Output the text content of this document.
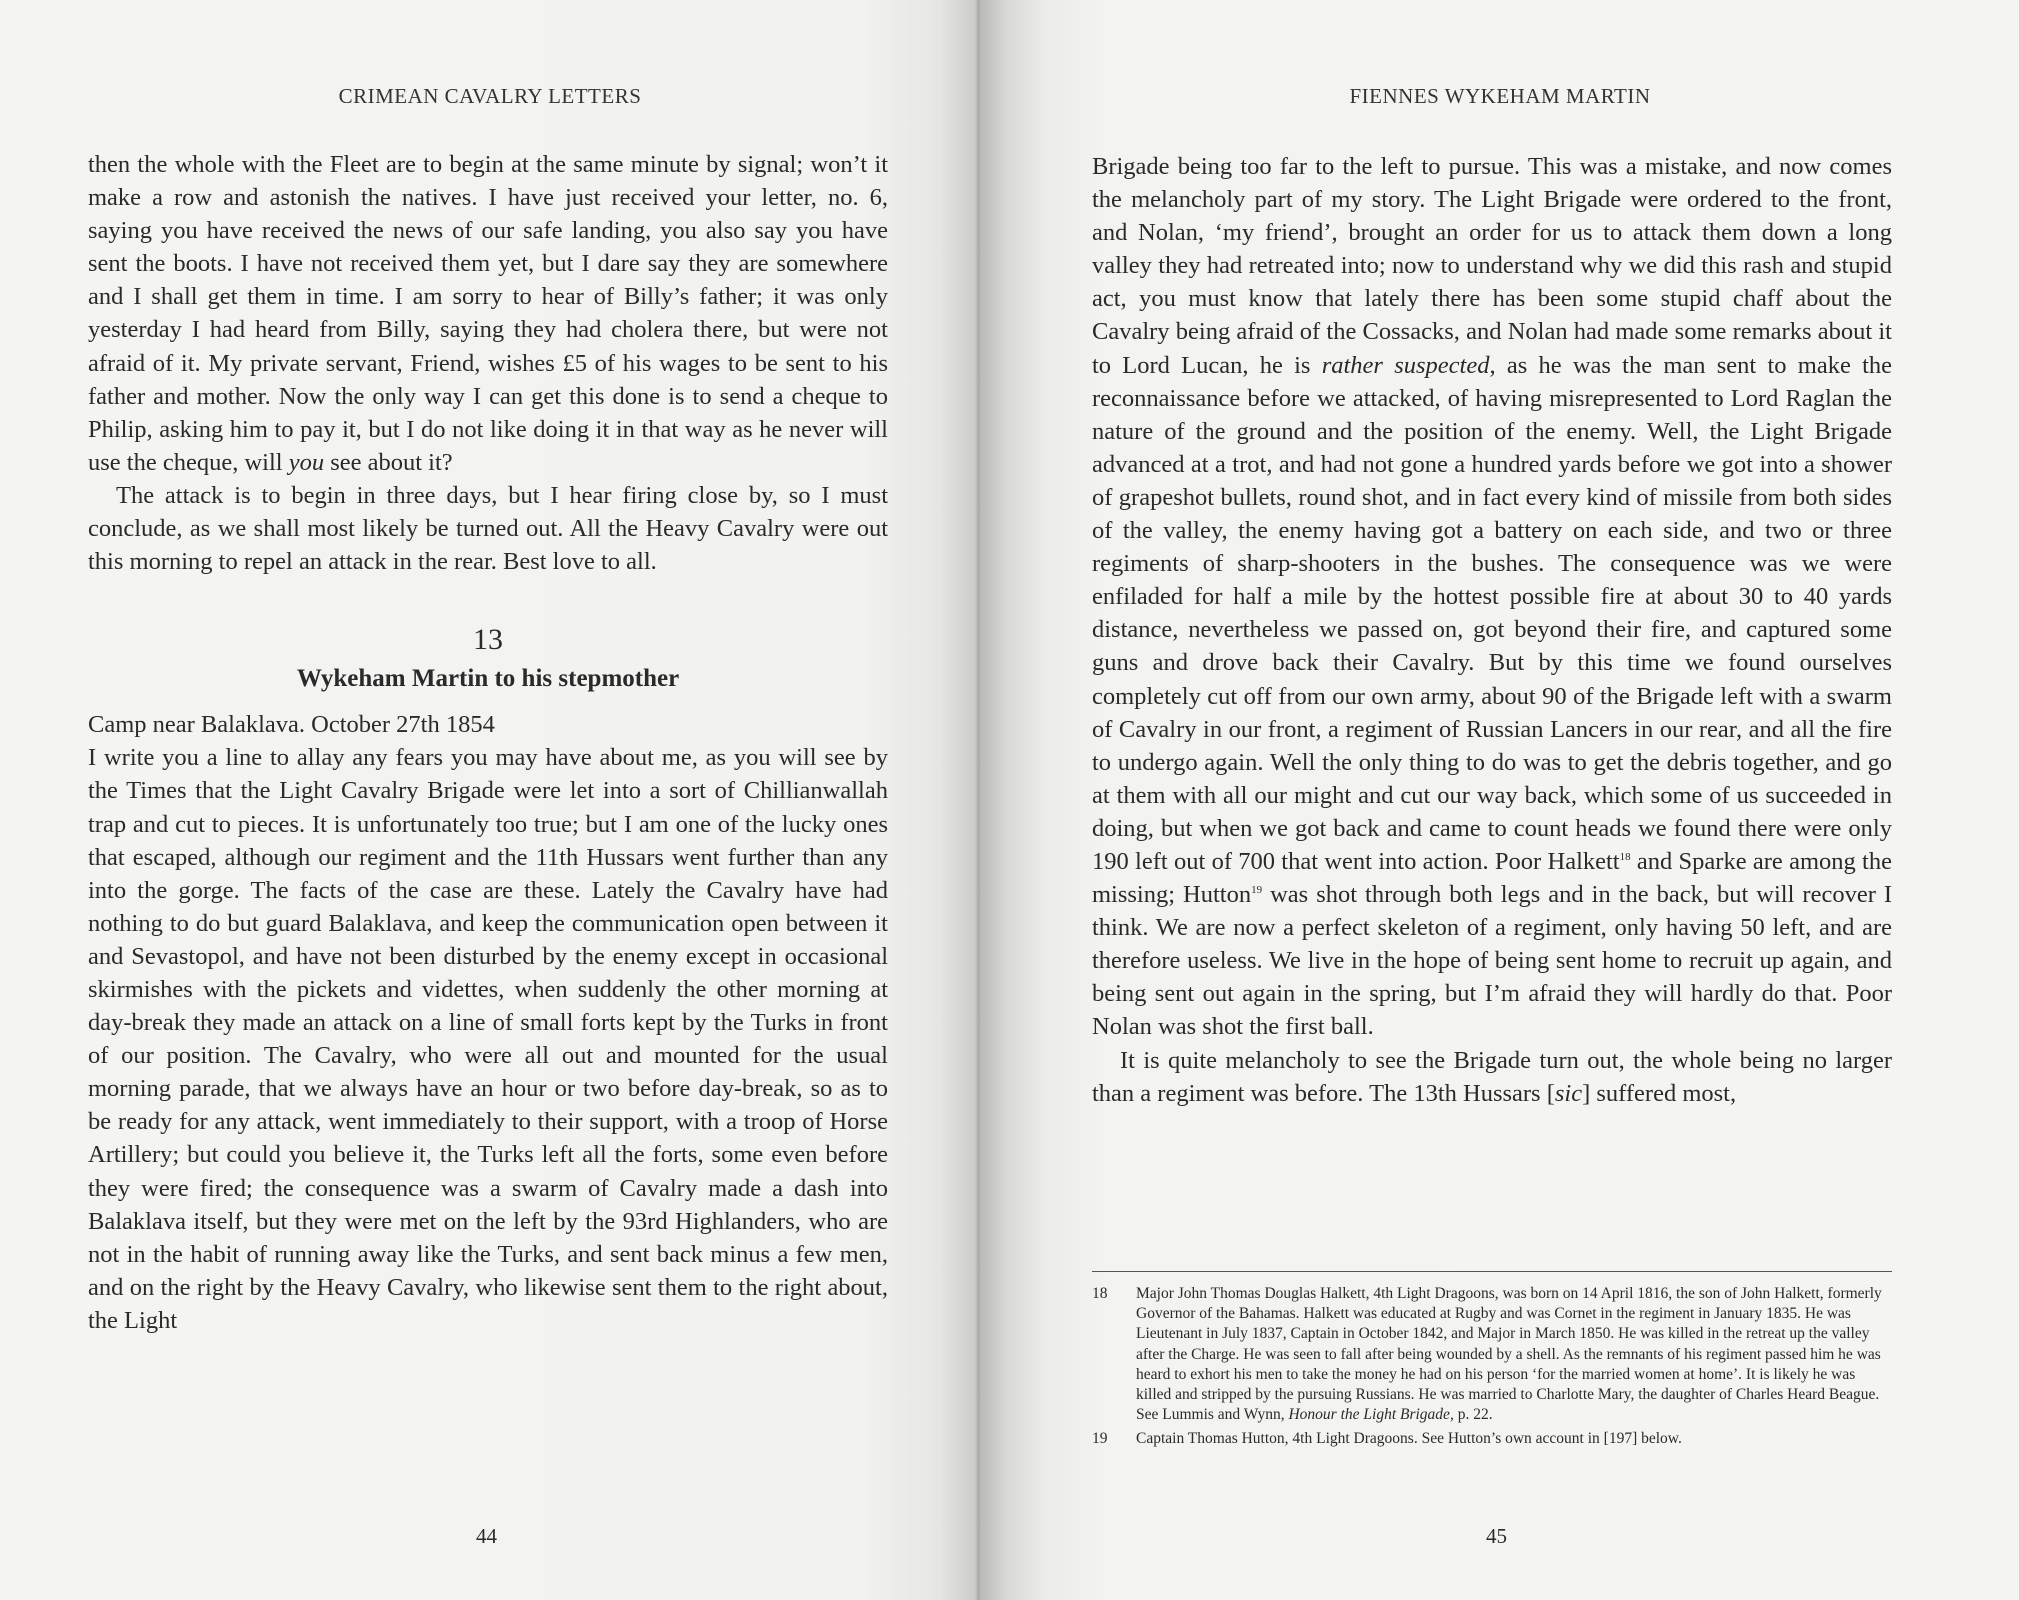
CRIMEAN CAVALRY LETTERS

then the whole with the Fleet are to begin at the same minute by signal; won’t it make a row and astonish the natives. I have just received your letter, no. 6, saying you have received the news of our safe landing, you also say you have sent the boots. I have not received them yet, but I dare say they are somewhere and I shall get them in time. I am sorry to hear of Billy’s father; it was only yesterday I had heard from Billy, saying they had cholera there, but were not afraid of it. My private servant, Friend, wishes £5 of his wages to be sent to his father and mother. Now the only way I can get this done is to send a cheque to Philip, asking him to pay it, but I do not like doing it in that way as he never will use the cheque, will you see about it?

The attack is to begin in three days, but I hear firing close by, so I must conclude, as we shall most likely be turned out. All the Heavy Cavalry were out this morning to repel an attack in the rear. Best love to all.

13
Wykeham Martin to his stepmother

Camp near Balaklava. October 27th 1854

I write you a line to allay any fears you may have about me, as you will see by the Times that the Light Cavalry Brigade were let into a sort of Chillianwallah trap and cut to pieces. It is unfortunately too true; but I am one of the lucky ones that escaped, although our regiment and the 11th Hussars went further than any into the gorge. The facts of the case are these. Lately the Cavalry have had nothing to do but guard Balaklava, and keep the communication open between it and Sevastopol, and have not been disturbed by the enemy except in occasional skirmishes with the pickets and videttes, when suddenly the other morning at day-break they made an attack on a line of small forts kept by the Turks in front of our position. The Cavalry, who were all out and mounted for the usual morning parade, that we always have an hour or two before day-break, so as to be ready for any attack, went immediately to their support, with a troop of Horse Artillery; but could you believe it, the Turks left all the forts, some even before they were fired; the consequence was a swarm of Cavalry made a dash into Balaklava itself, but they were met on the left by the 93rd Highlanders, who are not in the habit of running away like the Turks, and sent back minus a few men, and on the right by the Heavy Cavalry, who likewise sent them to the right about, the Light

44
FIENNES WYKEHAM MARTIN

Brigade being too far to the left to pursue. This was a mistake, and now comes the melancholy part of my story. The Light Brigade were ordered to the front, and Nolan, ‘my friend’, brought an order for us to attack them down a long valley they had retreated into; now to understand why we did this rash and stupid act, you must know that lately there has been some stupid chaff about the Cavalry being afraid of the Cossacks, and Nolan had made some remarks about it to Lord Lucan, he is rather suspected, as he was the man sent to make the reconnaissance before we attacked, of having misrepresented to Lord Raglan the nature of the ground and the position of the enemy. Well, the Light Brigade advanced at a trot, and had not gone a hundred yards before we got into a shower of grapeshot bullets, round shot, and in fact every kind of missile from both sides of the valley, the enemy having got a battery on each side, and two or three regiments of sharp-shooters in the bushes. The consequence was we were enfiladed for half a mile by the hottest possible fire at about 30 to 40 yards distance, nevertheless we passed on, got beyond their fire, and captured some guns and drove back their Cavalry. But by this time we found ourselves completely cut off from our own army, about 90 of the Brigade left with a swarm of Cavalry in our front, a regiment of Russian Lancers in our rear, and all the fire to undergo again. Well the only thing to do was to get the debris together, and go at them with all our might and cut our way back, which some of us succeeded in doing, but when we got back and came to count heads we found there were only 190 left out of 700 that went into action. Poor Halkett$^{18}$ and Sparke are among the missing; Hutton$^{19}$ was shot through both legs and in the back, but will recover I think. We are now a perfect skeleton of a regiment, only having 50 left, and are therefore useless. We live in the hope of being sent home to recruit up again, and being sent out again in the spring, but I’m afraid they will hardly do that. Poor Nolan was shot the first ball.

It is quite melancholy to see the Brigade turn out, the whole being no larger than a regiment was before. The 13th Hussars [sic] suffered most,

18	Major John Thomas Douglas Halkett, 4th Light Dragoons, was born on 14 April 1816, the son of John Halkett, formerly Governor of the Bahamas. Halkett was educated at Rugby and was Cornet in the regiment in January 1835. He was Lieutenant in July 1837, Captain in October 1842, and Major in March 1850. He was killed in the retreat up the valley after the Charge. He was seen to fall after being wounded by a shell. As the remnants of his regiment passed him he was heard to exhort his men to take the money he had on his person ‘for the married women at home’. It is likely he was killed and stripped by the pursuing Russians. He was married to Charlotte Mary, the daughter of Charles Heard Beague. See Lummis and Wynn, Honour the Light Brigade, p. 22.
19	Captain Thomas Hutton, 4th Light Dragoons. See Hutton’s own account in [197] below.
45
